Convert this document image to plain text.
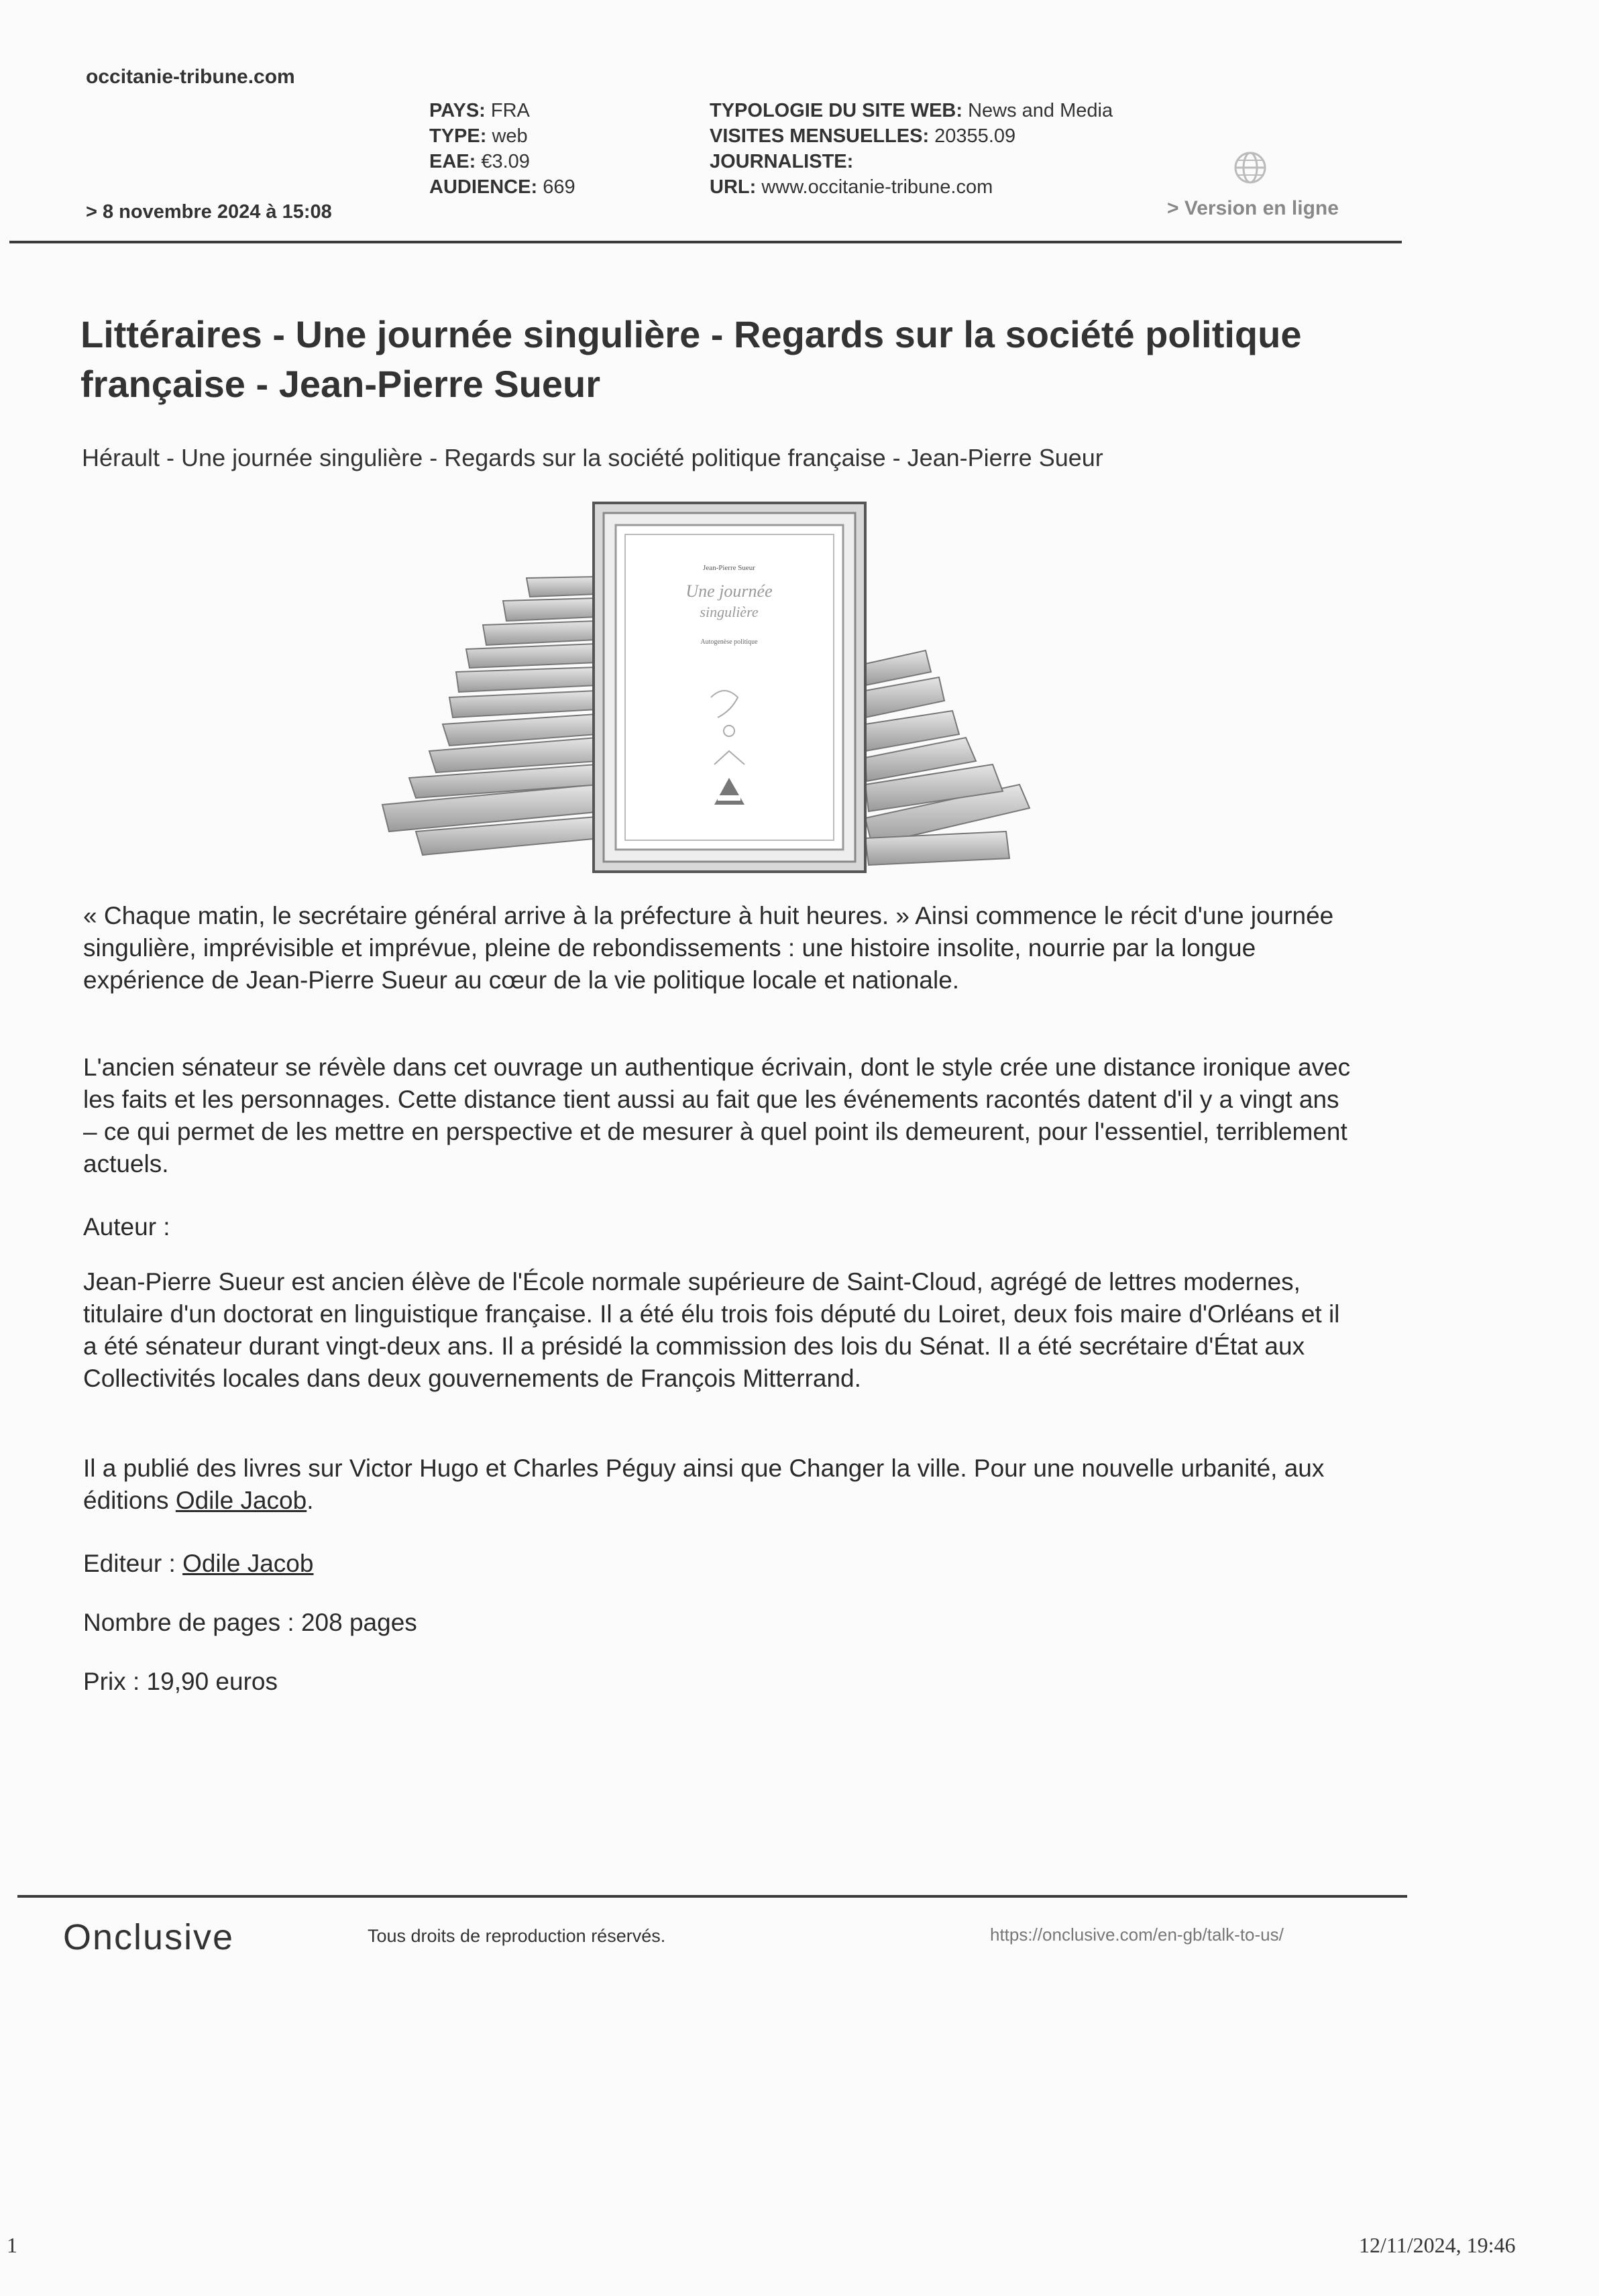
occitanie-tribune.com
PAYS: FRA
TYPE: web
EAE: €3.09
AUDIENCE: 669
TYPOLOGIE DU SITE WEB: News and Media
VISITES MENSUELLES: 20355.09
JOURNALISTE:
URL: www.occitanie-tribune.com
> 8 novembre 2024 à 15:08	> Version en ligne
Littéraires - Une journée singulière - Regards sur la société politique française - Jean-Pierre Sueur
Hérault - Une journée singulière - Regards sur la société politique française - Jean-Pierre Sueur
Jean-Pierre Sueur
Une journée
singulière
Autogenèse politique

« Chaque matin, le secrétaire général arrive à la préfecture à huit heures. » Ainsi commence le récit d'une journée singulière, imprévisible et imprévue, pleine de rebondissements : une histoire insolite, nourrie par la longue expérience de Jean-Pierre Sueur au cœur de la vie politique locale et nationale.

L'ancien sénateur se révèle dans cet ouvrage un authentique écrivain, dont le style crée une distance ironique avec les faits et les personnages. Cette distance tient aussi au fait que les événements racontés datent d'il y a vingt ans – ce qui permet de les mettre en perspective et de mesurer à quel point ils demeurent, pour l'essentiel, terriblement actuels.

Auteur :

Jean-Pierre Sueur est ancien élève de l'École normale supérieure de Saint-Cloud, agrégé de lettres modernes, titulaire d'un doctorat en linguistique française. Il a été élu trois fois député du Loiret, deux fois maire d'Orléans et il a été sénateur durant vingt-deux ans. Il a présidé la commission des lois du Sénat. Il a été secrétaire d'État aux Collectivités locales dans deux gouvernements de François Mitterrand.

Il a publié des livres sur Victor Hugo et Charles Péguy ainsi que Changer la ville. Pour une nouvelle urbanité, aux éditions Odile Jacob.

Editeur : Odile Jacob
Nombre de pages : 208 pages
Prix : 19,90 euros
Onclusive	Tous droits de reproduction réservés.	https://onclusive.com/en-gb/talk-to-us/
1	12/11/2024, 19:46
